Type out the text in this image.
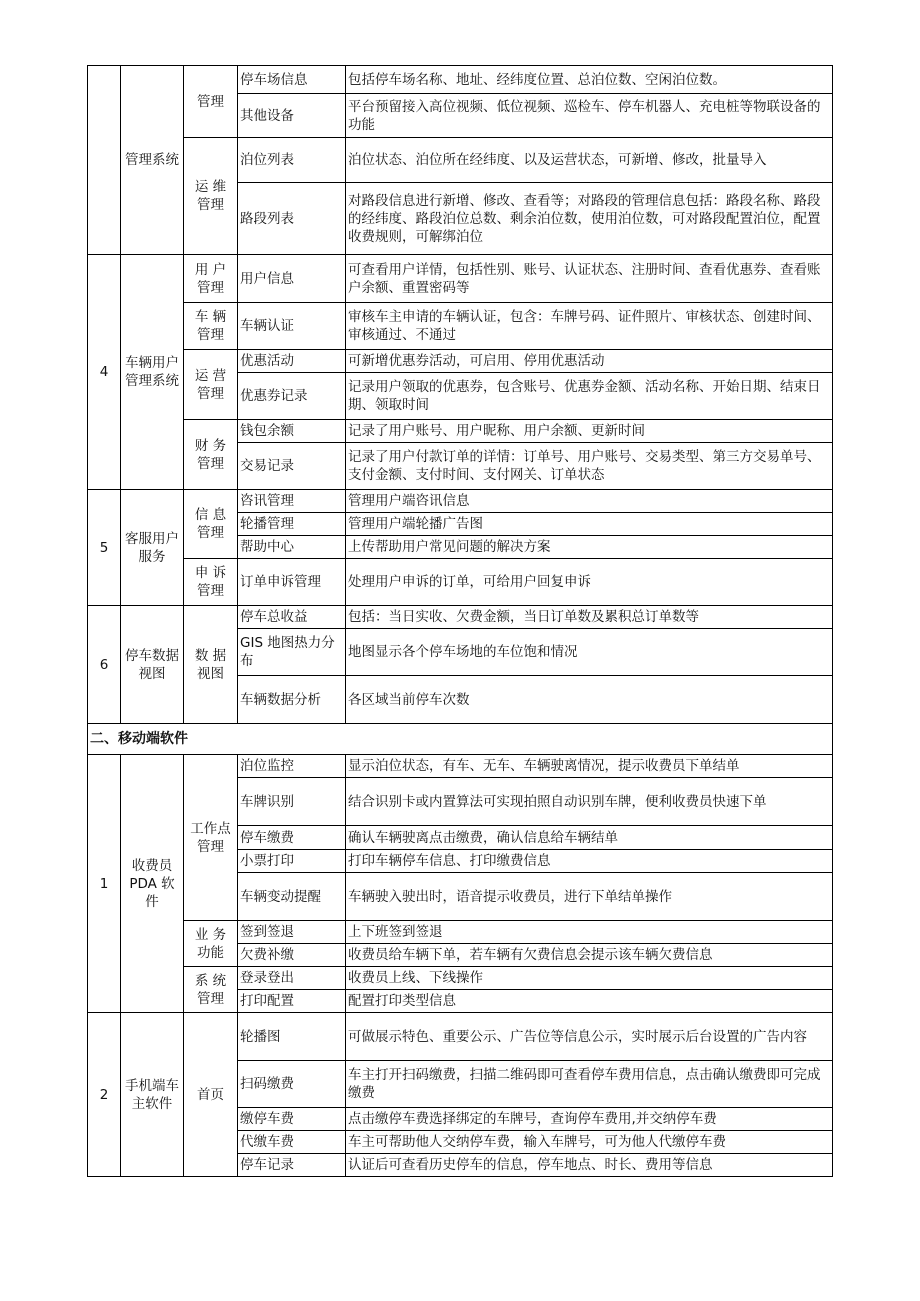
	管理系统	管理	停车场信息	包括停车场名称、地址、经纬度位置、总泊位数、空闲泊位数。
			其他设备	平台预留接入高位视频、低位视频、巡检车、停车机器人、充电桩等物联设备的功能
		运 维 管理	泊位列表	泊位状态、泊位所在经纬度、以及运营状态，可新增、修改，批量导入
			路段列表	对路段信息进行新增、修改、查看等；对路段的管理信息包括：路段名称、路段的经纬度、路段泊位总数、剩余泊位数，使用泊位数，可对路段配置泊位，配置收费规则，可解绑泊位
4	车辆用户管理系统	用 户 管理	用户信息	可查看用户详情，包括性别、账号、认证状态、注册时间、查看优惠券、查看账户余额、重置密码等
		车 辆 管理	车辆认证	审核车主申请的车辆认证，包含：车牌号码、证件照片、审核状态、创建时间、审核通过、不通过
		运 营 管理	优惠活动	可新增优惠券活动，可启用、停用优惠活动
			优惠券记录	记录用户领取的优惠券，包含账号、优惠券金额、活动名称、开始日期、结束日期、领取时间
		财 务 管理	钱包余额	记录了用户账号、用户昵称、用户余额、更新时间
			交易记录	记录了用户付款订单的详情：订单号、用户账号、交易类型、第三方交易单号、支付金额、支付时间、支付网关、订单状态
5	客服用户服务	信 息 管理	咨讯管理	管理用户端咨讯信息
			轮播管理	管理用户端轮播广告图
			帮助中心	上传帮助用户常见问题的解决方案
		申 诉 管理	订单申诉管理	处理用户申诉的订单，可给用户回复申诉
6	停车数据视图	数 据 视图	停车总收益	包括：当日实收、欠费金额，当日订单数及累积总订单数等
			GIS 地图热力分布	地图显示各个停车场地的车位饱和情况
			车辆数据分析	各区域当前停车次数
二、移动端软件				
1	收费员 PDA 软件	工作点管理	泊位监控	显示泊位状态，有车、无车、车辆驶离情况，提示收费员下单结单
			车牌识别	结合识别卡或内置算法可实现拍照自动识别车牌，便利收费员快速下单
			停车缴费	确认车辆驶离点击缴费，确认信息给车辆结单
			小票打印	打印车辆停车信息、打印缴费信息
			车辆变动提醒	车辆驶入驶出时，语音提示收费员，进行下单结单操作
		业 务 功能	签到签退	上下班签到签退
			欠费补缴	收费员给车辆下单，若车辆有欠费信息会提示该车辆欠费信息
		系 统 管理	登录登出	收费员上线、下线操作
			打印配置	配置打印类型信息
2	手机端车主软件	首页	轮播图	可做展示特色、重要公示、广告位等信息公示，实时展示后台设置的广告内容
			扫码缴费	车主打开扫码缴费，扫描二维码即可查看停车费用信息，点击确认缴费即可完成缴费
			缴停车费	点击缴停车费选择绑定的车牌号，查询停车费用,并交纳停车费
			代缴车费	车主可帮助他人交纳停车费，输入车牌号，可为他人代缴停车费
			停车记录	认证后可查看历史停车的信息，停车地点、时长、费用等信息
